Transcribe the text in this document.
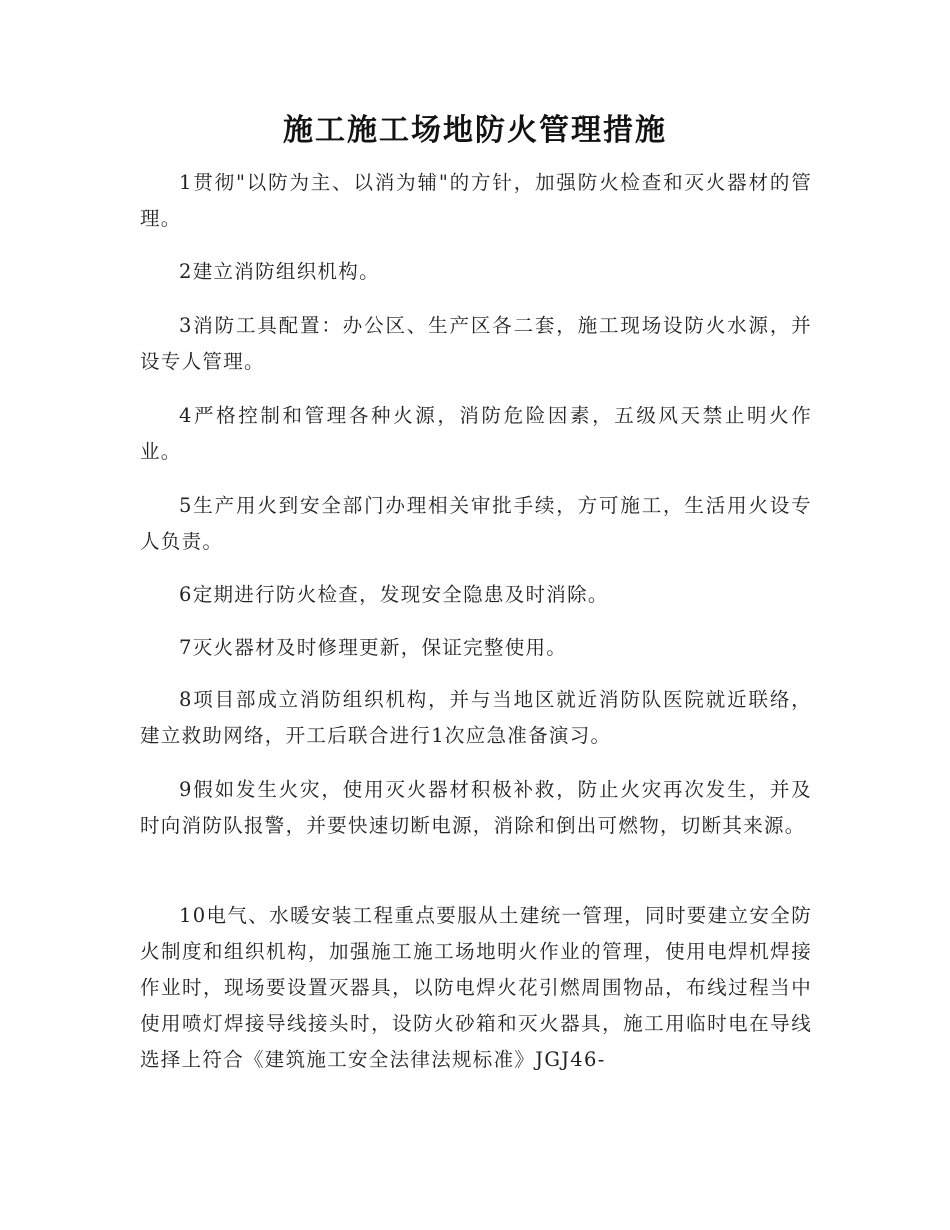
施工施工场地防火管理措施

1贯彻"以防为主、以消为辅"的方针，加强防火检查和灭火器材的管理。

2建立消防组织机构。

3消防工具配置：办公区、生产区各二套，施工现场设防火水源，并设专人管理。

4严格控制和管理各种火源，消防危险因素，五级风天禁止明火作业。

5生产用火到安全部门办理相关审批手续，方可施工，生活用火设专人负责。

6定期进行防火检查，发现安全隐患及时消除。

7灭火器材及时修理更新，保证完整使用。

8项目部成立消防组织机构，并与当地区就近消防队医院就近联络，建立救助网络，开工后联合进行1次应急准备演习。

9假如发生火灾，使用灭火器材积极补救，防止火灾再次发生，并及时向消防队报警，并要快速切断电源，消除和倒出可燃物，切断其来源。

10电气、水暖安装工程重点要服从土建统一管理，同时要建立安全防火制度和组织机构，加强施工施工场地明火作业的管理，使用电焊机焊接作业时，现场要设置灭器具，以防电焊火花引燃周围物品，布线过程当中使用喷灯焊接导线接头时，设防火砂箱和灭火器具，施工用临时电在导线选择上符合《建筑施工安全法律法规标准》JGJ46-
